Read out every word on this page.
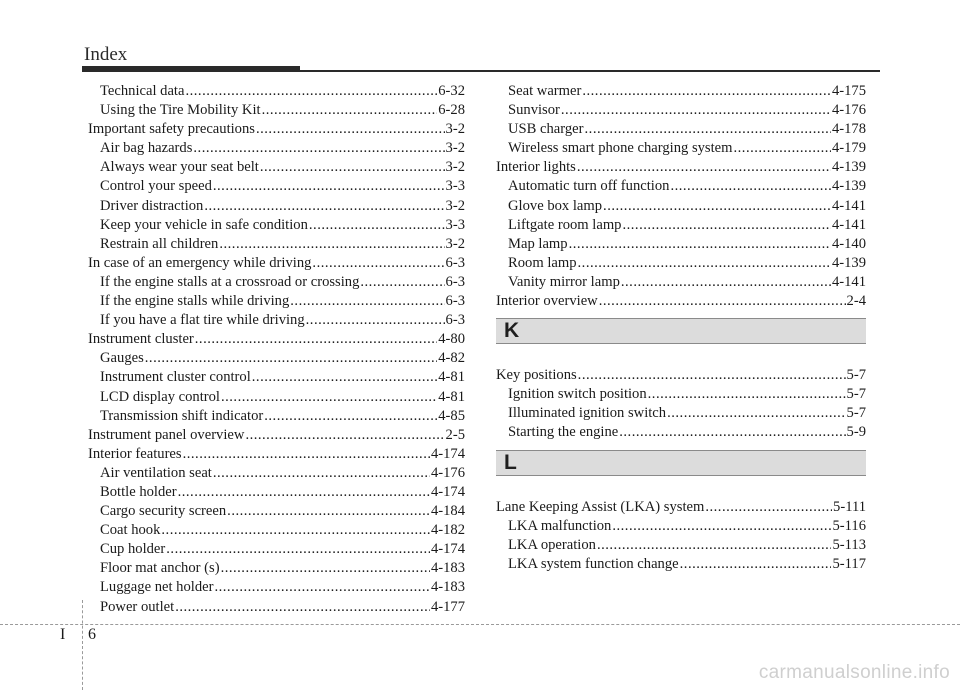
Index
Technical data .....	6-32
Using the Tire Mobility Kit .....	6-28
Important safety precautions .....	3-2
Air bag hazards .....	3-2
Always wear your seat belt .....	3-2
Control your speed .....	3-3
Driver distraction .....	3-2
Keep your vehicle in safe condition .....	3-3
Restrain all children .....	3-2
In case of an emergency while driving .....	6-3
If the engine stalls at a crossroad or crossing .....	6-3
If the engine stalls while driving .....	6-3
If you have a flat tire while driving .....	6-3
Instrument cluster .....	4-80
Gauges .....	4-82
Instrument cluster control .....	4-81
LCD display control .....	4-81
Transmission shift indicator .....	4-85
Instrument panel overview .....	2-5
Interior features .....	4-174
Air ventilation seat .....	4-176
Bottle holder .....	4-174
Cargo security screen .....	4-184
Coat hook .....	4-182
Cup holder .....	4-174
Floor mat anchor (s) .....	4-183
Luggage net holder .....	4-183
Power outlet .....	4-177
Seat warmer .....	4-175
Sunvisor .....	4-176
USB charger .....	4-178
Wireless smart phone charging system .....	4-179
Interior lights .....	4-139
Automatic turn off function .....	4-139
Glove box lamp .....	4-141
Liftgate room lamp .....	4-141
Map lamp .....	4-140
Room lamp .....	4-139
Vanity mirror lamp .....	4-141
Interior overview .....	2-4
K
Key positions .....	5-7
Ignition switch position .....	5-7
Illuminated ignition switch .....	5-7
Starting the engine .....	5-9
L
Lane Keeping Assist (LKA) system .....	5-111
LKA malfunction .....	5-116
LKA operation .....	5-113
LKA system function change .....	5-117
I 6
carmanualsonline.info
